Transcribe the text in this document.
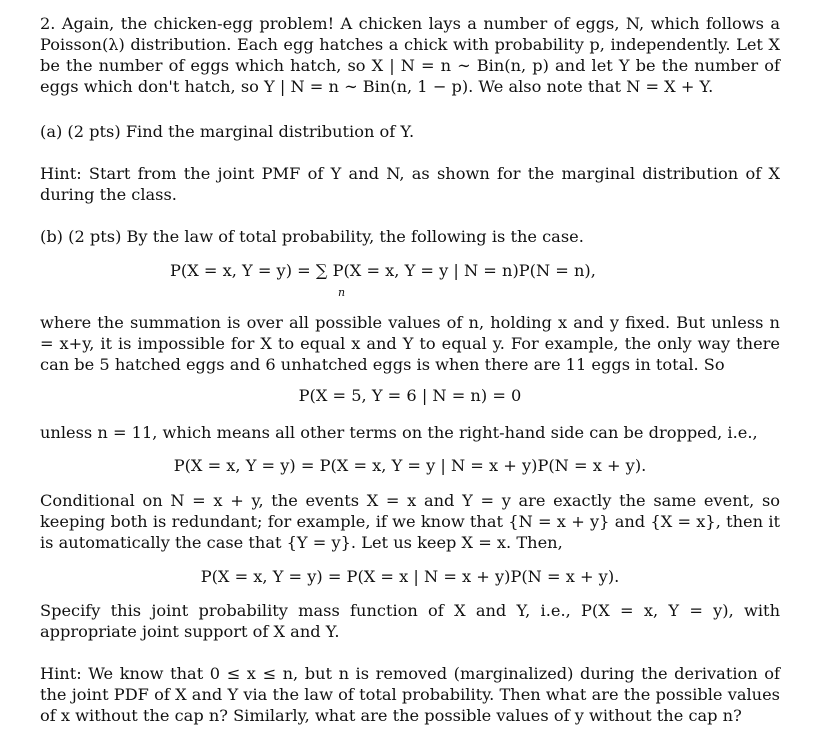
2. Again, the chicken-egg problem! A chicken lays a number of eggs, N, which follows a Poisson(λ) distribution. Each egg hatches a chick with probability p, independently. Let X be the number of eggs which hatch, so X | N = n ∼ Bin(n, p) and let Y be the number of eggs which don't hatch, so Y | N = n ∼ Bin(n, 1 − p). We also note that N = X + Y.

(a) (2 pts) Find the marginal distribution of Y.

Hint: Start from the joint PMF of Y and N, as shown for the marginal distribution of X during the class.

(b) (2 pts) By the law of total probability, the following is the case.

P(X = x, Y = y) = ∑ P(X = x, Y = y | N = n)P(N = n),
n

where the summation is over all possible values of n, holding x and y fixed. But unless n = x+y, it is impossible for X to equal x and Y to equal y. For example, the only way there can be 5 hatched eggs and 6 unhatched eggs is when there are 11 eggs in total. So

P(X = 5, Y = 6 | N = n) = 0

unless n = 11, which means all other terms on the right-hand side can be dropped, i.e.,

P(X = x, Y = y) = P(X = x, Y = y | N = x + y)P(N = x + y).

Conditional on N = x + y, the events X = x and Y = y are exactly the same event, so keeping both is redundant; for example, if we know that {N = x + y} and {X = x}, then it is automatically the case that {Y = y}. Let us keep X = x. Then,

P(X = x, Y = y) = P(X = x | N = x + y)P(N = x + y).

Specify this joint probability mass function of X and Y, i.e., P(X = x, Y = y), with appropriate joint support of X and Y.

Hint: We know that 0 ≤ x ≤ n, but n is removed (marginalized) during the derivation of the joint PDF of X and Y via the law of total probability. Then what are the possible values of x without the cap n? Similarly, what are the possible values of y without the cap n?
